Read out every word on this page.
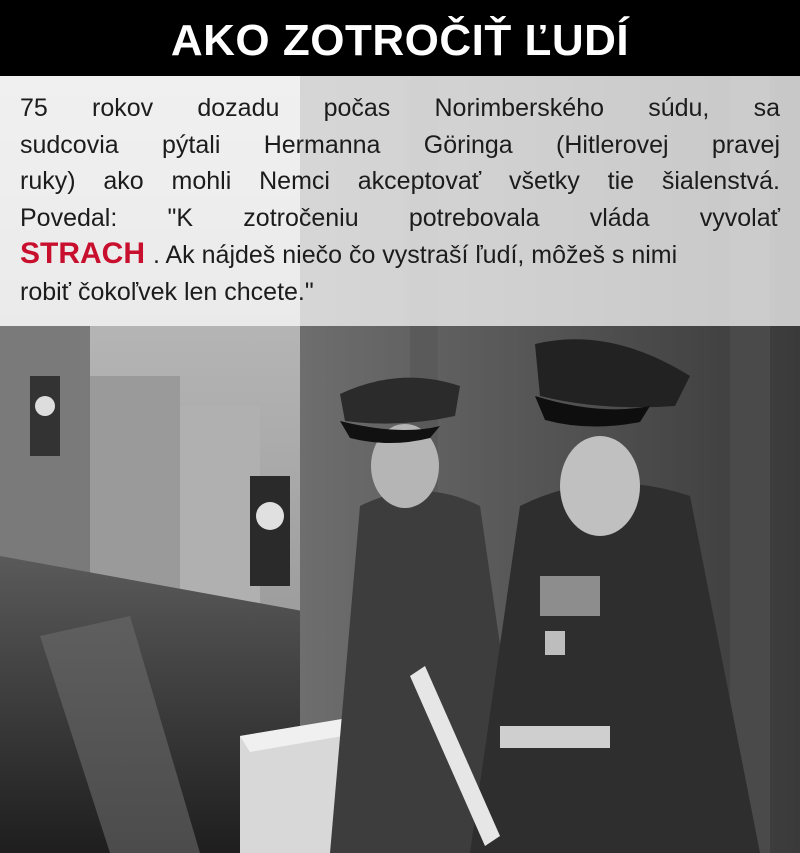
AKO ZOTROČIŤ ĽUDÍ
75 rokov dozadu počas Norimberského súdu, sa
sudcovia pýtali Hermanna Göringa (Hitlerovej pravej
ruky) ako mohli Nemci akceptovať všetky tie šialenstvá.
Povedal: "K zotročeniu potrebovala vláda vyvolať
STRACH . Ak nájdeš niečo čo vystraší ľudí, môžeš s nimi
robiť čokoľvek len chcete."
